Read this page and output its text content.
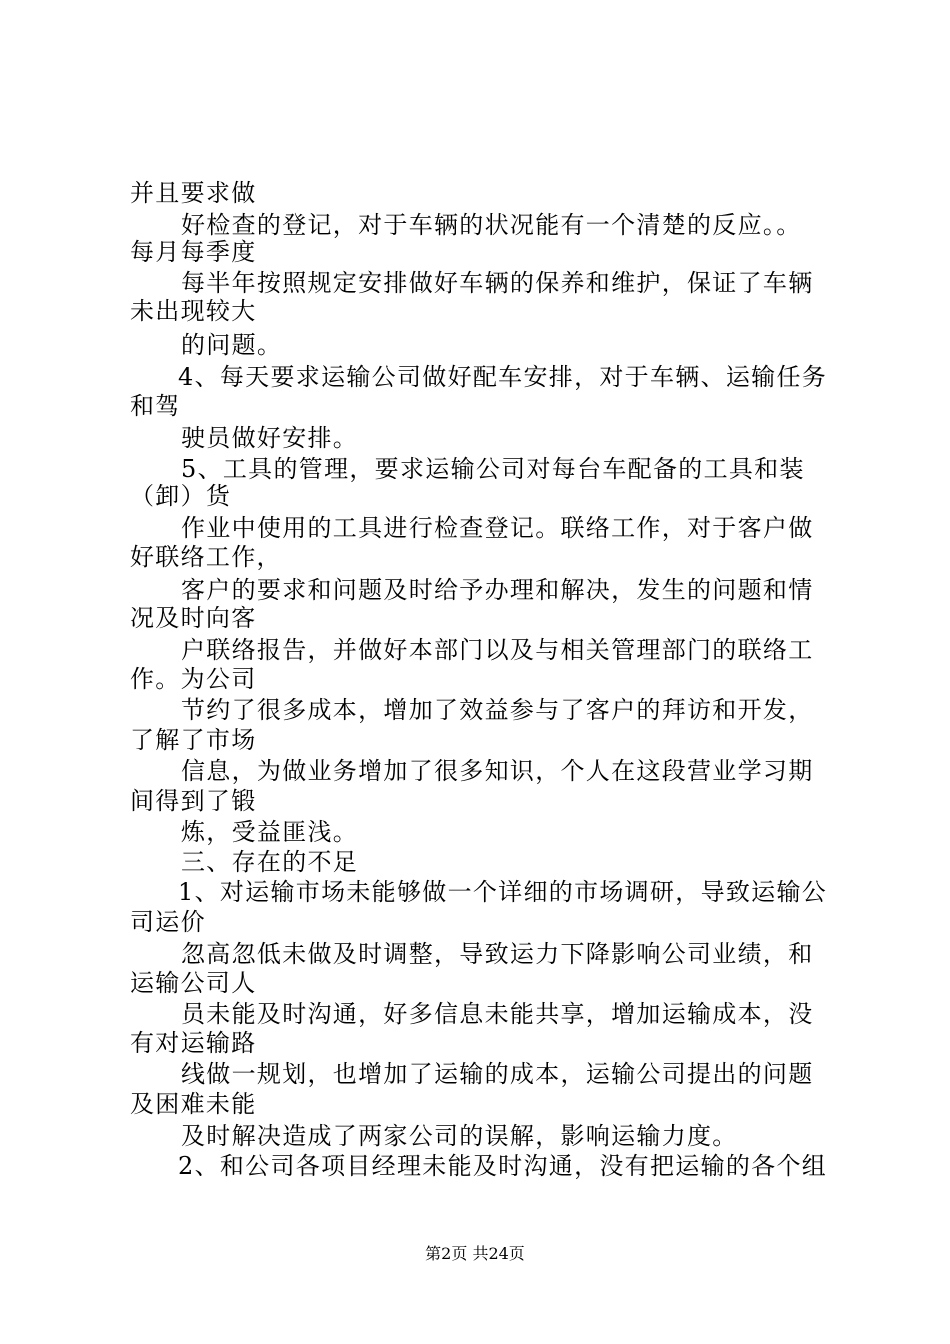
并且要求做
好检查的登记，对于车辆的状况能有一个清楚的反应。。
每月每季度
每半年按照规定安排做好车辆的保养和维护，保证了车辆
未出现较大
的问题。
4、每天要求运输公司做好配车安排，对于车辆、运输任务
和驾
驶员做好安排。
5、工具的管理，要求运输公司对每台车配备的工具和装
（卸）货
作业中使用的工具进行检查登记。联络工作，对于客户做
好联络工作，
客户的要求和问题及时给予办理和解决，发生的问题和情
况及时向客
户联络报告，并做好本部门以及与相关管理部门的联络工
作。为公司
节约了很多成本，增加了效益参与了客户的拜访和开发，
了解了市场
信息，为做业务增加了很多知识，个人在这段营业学习期
间得到了锻
炼，受益匪浅。
三、存在的不足
1、对运输市场未能够做一个详细的市场调研，导致运输公
司运价
忽高忽低未做及时调整，导致运力下降影响公司业绩，和
运输公司人
员未能及时沟通，好多信息未能共享，增加运输成本，没
有对运输路
线做一规划，也增加了运输的成本，运输公司提出的问题
及困难未能
及时解决造成了两家公司的误解，影响运输力度。
2、和公司各项目经理未能及时沟通，没有把运输的各个组
第2页 共24页
